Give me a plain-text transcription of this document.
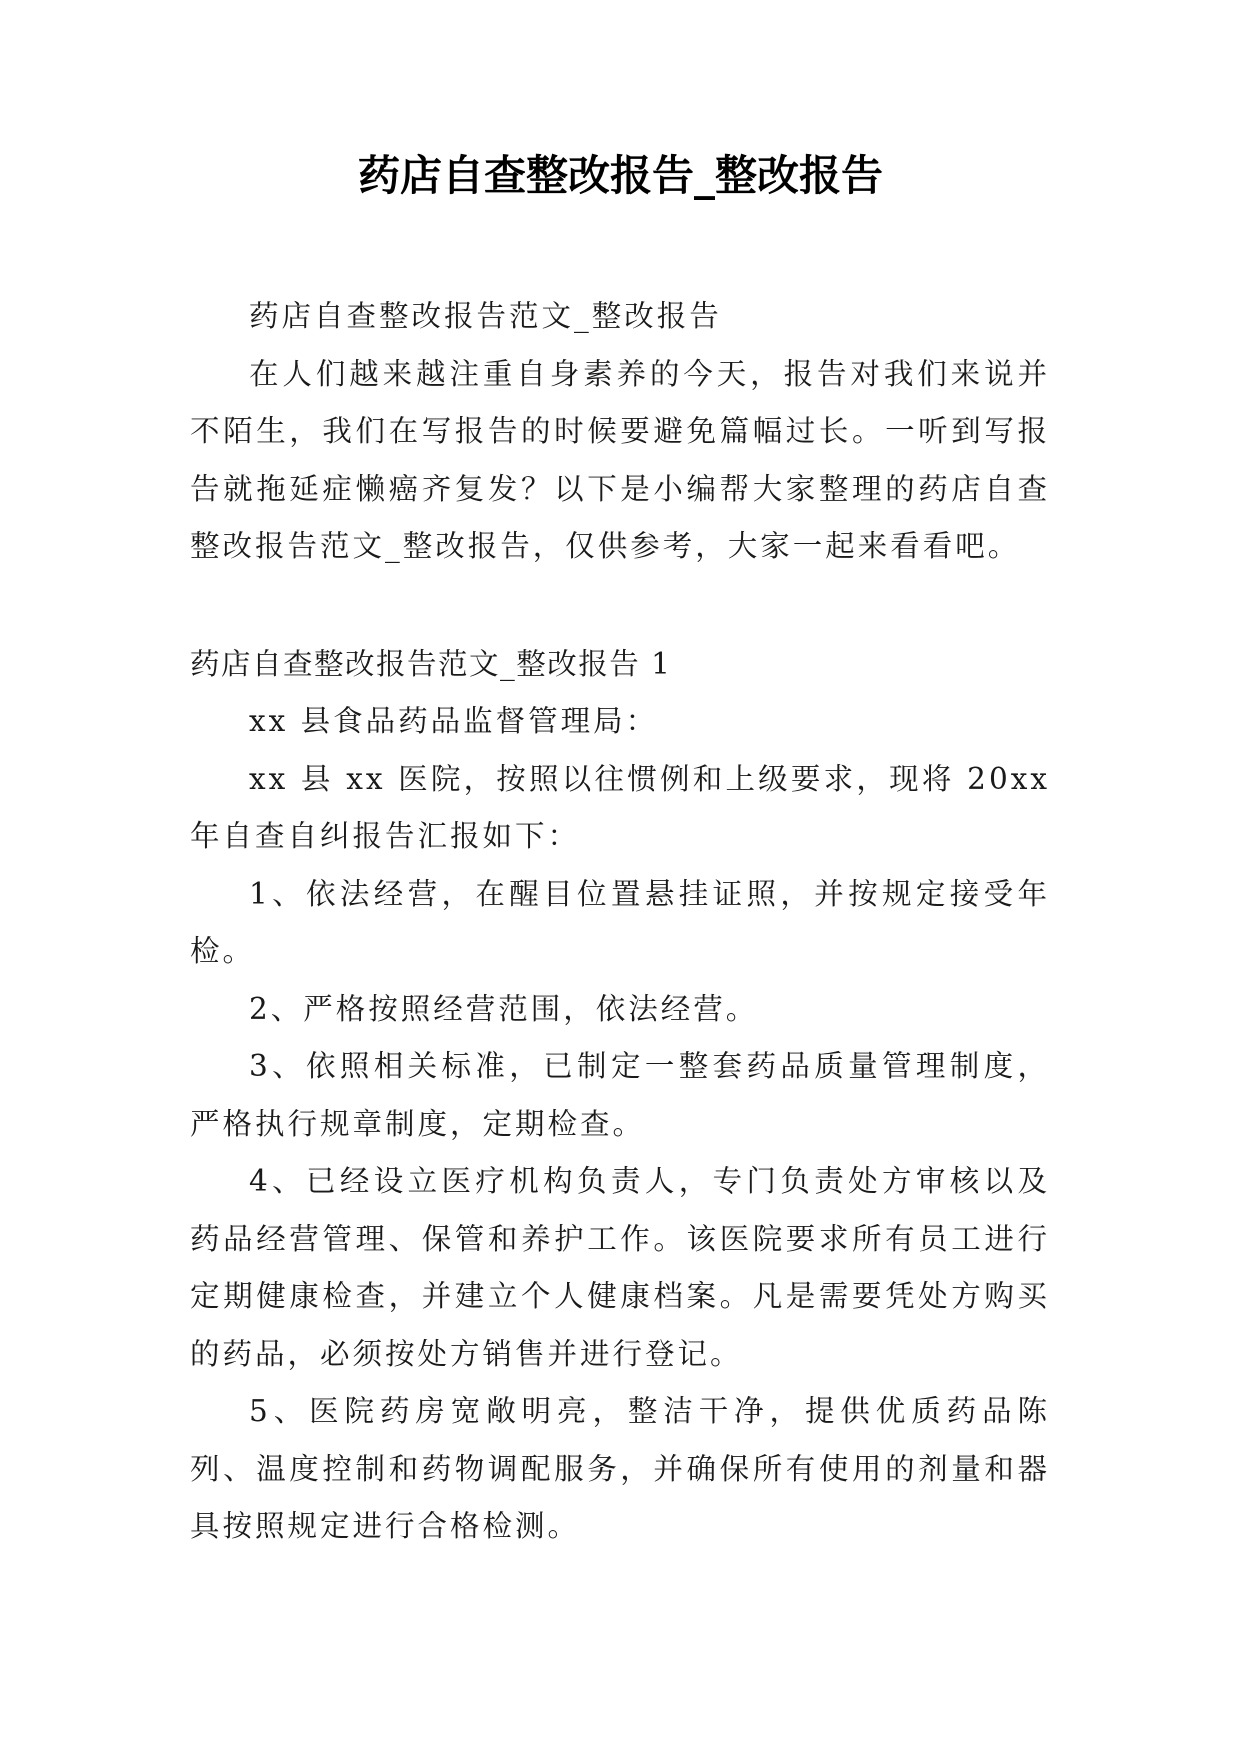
药店自查整改报告_整改报告

药店自查整改报告范文_整改报告

在人们越来越注重自身素养的今天，报告对我们来说并不陌生，我们在写报告的时候要避免篇幅过长。一听到写报告就拖延症懒癌齐复发？以下是小编帮大家整理的药店自查整改报告范文_整改报告，仅供参考，大家一起来看看吧。

药店自查整改报告范文_整改报告 1

xx 县食品药品监督管理局：

xx 县 xx 医院，按照以往惯例和上级要求，现将 20xx 年自查自纠报告汇报如下：

1、依法经营，在醒目位置悬挂证照，并按规定接受年检。

2、严格按照经营范围，依法经营。

3、依照相关标准，已制定一整套药品质量管理制度，严格执行规章制度，定期检查。

4、已经设立医疗机构负责人，专门负责处方审核以及药品经营管理、保管和养护工作。该医院要求所有员工进行定期健康检查，并建立个人健康档案。凡是需要凭处方购买的药品，必须按处方销售并进行登记。

5、医院药房宽敞明亮，整洁干净，提供优质药品陈列、温度控制和药物调配服务，并确保所有使用的剂量和器具按照规定进行合格检测。
